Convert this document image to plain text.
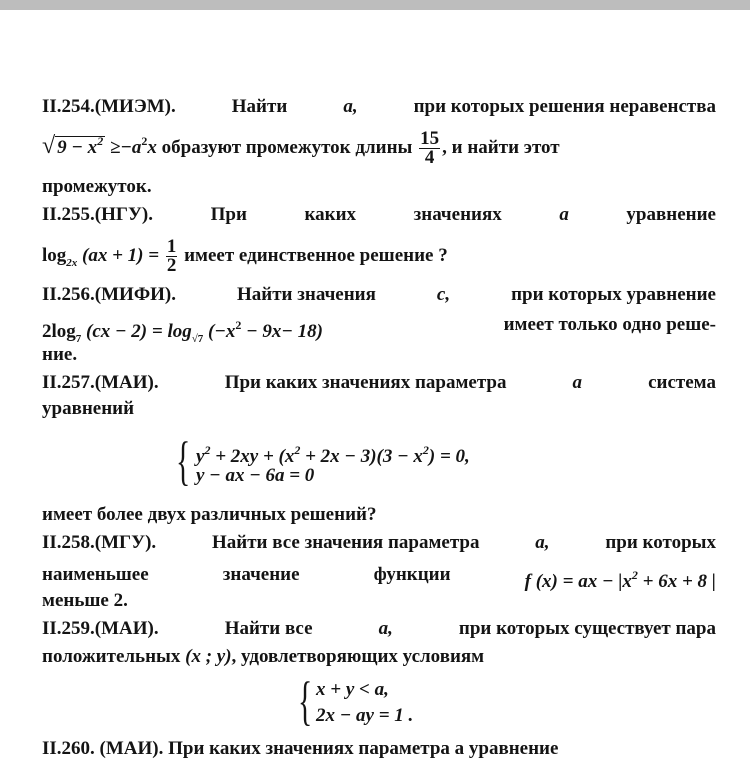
II.254.(МИЭМ).	Найти	a,	при которых решения неравенства
√ $9 - x^2 \ge-a^2x$ образуют промежуток длины $\frac{15}{4}$ , и найти этот
промежуток.
II.255.(НГУ).	При	каких	значениях	a	уравнение
$\log_{2x} (ax + 1) = \frac{1}{2}$ имеет единственное решение ?
II.256.(МИФИ).	Найти значения	c,	при которых уравнение
$2\log_7$ $(cx - 2) = \log_{√7} (-x^2 - 9x- 18)$	имеет только одно реше-
ние.
II.257.(МАИ).	При каких значениях параметра	a	система
уравнений
{ $y^2 + 2xy + (x^2 + 2x - 3)(3 - x^2) = 0$,
y − ax − 6a = 0
имеет более двух различных решений?
II.258.(МГУ).	Найти все значения параметра	a,	при которых
наименьшее	значение	функции	f (x) = ax − $|x^2 + 6x + 8$ |
меньше 2.
II.259.(МАИ).	Найти все	a,	при которых существует пара
положительных (x ; y), удовлетворяющих условиям
{ x + y < a,
2x − ay = 1 .
II.260. (МАИ). При каких значениях параметра a уравнение
